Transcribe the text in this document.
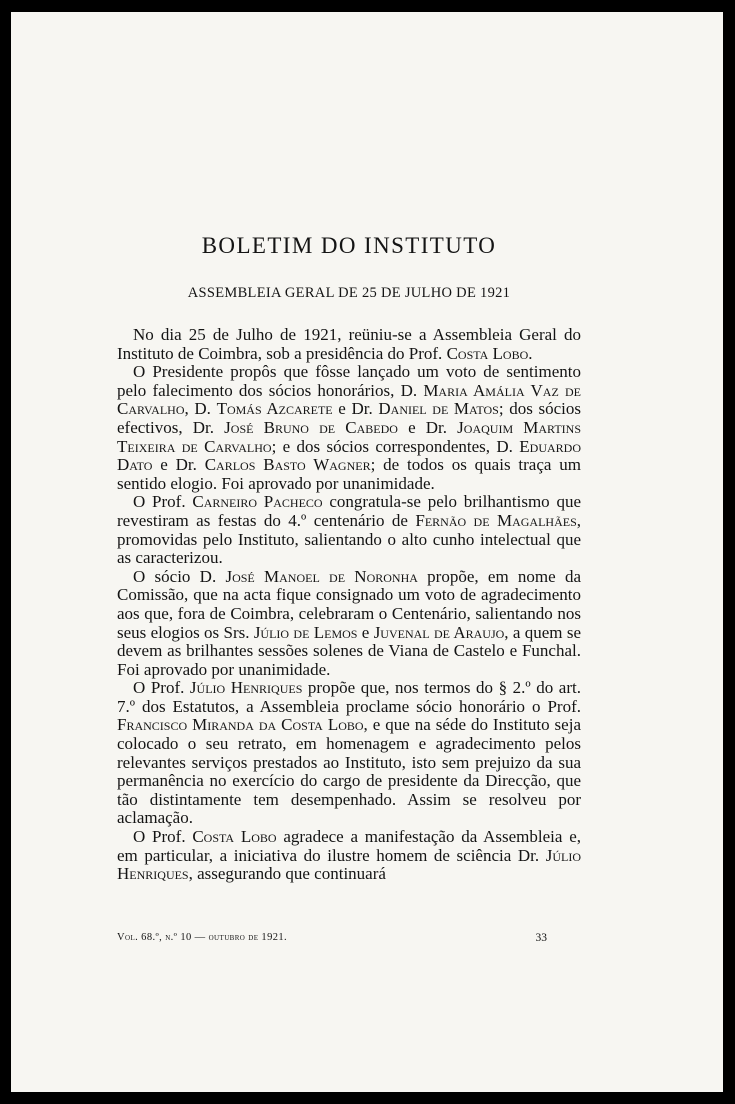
BOLETIM DO INSTITUTO
ASSEMBLEIA GERAL DE 25 DE JULHO DE 1921

No dia 25 de Julho de 1921, reüniu-se a Assembleia Geral do Instituto de Coimbra, sob a presidência do Prof. Costa Lobo.

O Presidente propôs que fôsse lançado um voto de sentimento pelo falecimento dos sócios honorários, D. Maria Amália Vaz de Carvalho, D. Tomás Azcarete e Dr. Daniel de Matos; dos sócios efectivos, Dr. José Bruno de Cabedo e Dr. Joaquim Martins Teixeira de Carvalho; e dos sócios correspondentes, D. Eduardo Dato e Dr. Carlos Basto Wagner; de todos os quais traça um sentido elogio. Foi aprovado por unanimidade.

O Prof. Carneiro Pacheco congratula-se pelo brilhantismo que revestiram as festas do 4.º centenário de Fernão de Magalhães, promovidas pelo Instituto, salientando o alto cunho intelectual que as caracterizou.

O sócio D. José Manoel de Noronha propõe, em nome da Comissão, que na acta fique consignado um voto de agradecimento aos que, fora de Coimbra, celebraram o Centenário, salientando nos seus elogios os Srs. Júlio de Lemos e Juvenal de Araujo, a quem se devem as brilhantes sessões solenes de Viana de Castelo e Funchal. Foi aprovado por unanimidade.

O Prof. Júlio Henriques propõe que, nos termos do § 2.º do art. 7.º dos Estatutos, a Assembleia proclame sócio honorário o Prof. Francisco Miranda da Costa Lobo, e que na séde do Instituto seja colocado o seu retrato, em homenagem e agradecimento pelos relevantes serviços prestados ao Instituto, isto sem prejuizo da sua permanência no exercício do cargo de presidente da Direcção, que tão distintamente tem desempenhado. Assim se resolveu por aclamação.

O Prof. Costa Lobo agradece a manifestação da Assembleia e, em particular, a iniciativa do ilustre homem de sciência Dr. Júlio Henriques, assegurando que continuará

Vol. 68.º, n.º 10 — outubro de 1921.	33
